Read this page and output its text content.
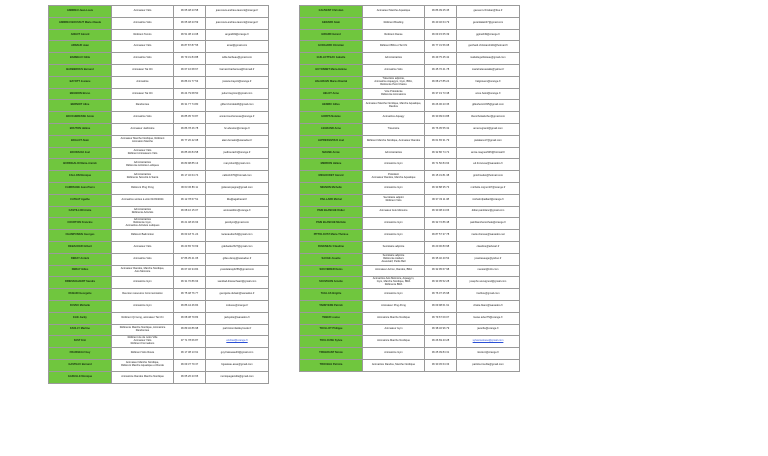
ANDRIEU Jean-Louis	Animateur Vélo	06 65 48 23 58	jean-louis.andrieu-laurent@orange.fr
ANDRIEU BOUSSUT Marie-Claude	Animatrice Vélo	06 65 48 23 59	jean-louis.andrieu-laurent@orange.fr
ANGOT Gérard	Référent Tennis	06 51 38 14 08	angotd49@orange.fr
ARNAUD Jean	Animateur Vélo	06 87 87 87 55	arnat@gmail.com
BARBEAU Odile	Animatrice Vélo	06 79 31 84 88	odile.barbeau@gmail.com
BARBEROUS Bernard	Animateur Tai Chi	06 67 16 68 67	barnard.barbarous@hotmail.fr
BAYOTT Josiane	Animatrice	06 86 01 77 53	josiane.bayott@orange.fr
BEGNION Bruno	Animateur Tai Chi	06 24 79 68 50	jeduc.begnion@gmail.com
BERNIOT Aline	Randonnée	06 31 77 74 80	gilbert.bordelet6@gmail.com
BOUCHERESSE Annie	Animatrice Vélo	06 85 05 70 87	annie.boucheresse@orange.fr
BOUTON Hélène	Animateur Jardinière	06 86 78 46 78	hc.abouton@orange.fr
BOALOT Alain	Animateur Marche Nordique, Référent
Animation Marche	06 77 20 42 08	alain.bonalot@wanadoo.fr
BOURACHI Joel	Animateur Vélo
Référent Animateurs Vélo	06 85 36 84 58	joelbourachi@orange.fr
BURDIGALIO Marie-Annick	Administratrice
Référente Activités Ludiques	06 83 98 85 13	marysburd@gmail.com
CALLON Monique	Administratrice
Référente Sécurité & Santé	06 17 32 64 74	callon1676@hotmail.com
CAMPAGNE Jean-Pierre	Référent Ping Pong	06 63 36 86 11	jpdecampagne@gmail.com
CATHAT Agathe	Animatrice sorties à vélo 01/03/2024	06 12 78 67 51	lilia@agathecat.fr
CASTILLON Annie	Administratrice
Référente Activités	06 08 16 15 07	annicastillon@orange.fr
COURTOIS Francine	Administratrice
Référente Gym,
Animatrice Activités Ludiques	06 21 48 26 93	jacobyot@gmail.com
CHAMPUNDAI Georges	Référent Badminton	06 63 18 71 24	lacanaudon64@gmail.com
DEBACKER Gilbert	Animateur Vélo	06 23 65 70 69	gdebacker527@gmail.com
DERAY Annick	Animatrice Vélo	07 86 35 41 05	gilles.deray@wanadoo.fr
DERAY Gilles	Animateur Randos, Marche Nordique,
Avis Mémoire	06 67 46 34 84	yvesdelaray0256@gmail.com
DRIESSCHAERT Sandra	Animatrice Gym	06 31 70 86 93	sandrad.driesschaert@gmail.com
DUBAIN Georgette	Reunion ressource Communication	06 75 48 76 77	georgette.dubain@wanadoo.fr
DUVEU Michelle	Animatrice Gym	06 86 44 46 84	mduveu@orange.fr
ELIE Jacky	Référent Qi Gong, animateur Tai Chi	06 08 38 79 83	jackyelie@wanadoo.fr
FAOLLY Martine	Référente Marche Nordique, Animatrice
Randonnée	06 89 32 86 98	partinicomfaolleyroude.fr
FAST Eric	Référent vie de notre Ville
Animateur Vélo
Référent Formations	07 71 78 66 87	ericfast@orange.fr
FRAISSEAU Guy	Référent Vélo Route	06 17 38 13 91	guy.fraisseau49@gmail.com
GASTEAU Bernard	Animateur Marche Nordique,
Référent Marche Aquatique et Ronde	06 09 37 79 37	bgasteau.asse@gmail.com
GAZEILLE Monique	Animatrice Randos Marche Nordique	06 65 26 23 65	moniquegazeille@gmail.com
GAUVENT Christian	Animateur Marche Aquatique	06 86 09 25 45	gauvent.christian@free.fr
GERARD Alain	Référent Bowling	06 40 46 64 79	gerardalain07@gmail.com
GIRARD Gérard	Référent Danse	06 09 15 65 39	ggirard49@orange.fr
GUICHARD Christian	Référent BRA et Tai Chi	06 77 31 56 08	guichard.christian2444@hotmail.fr
GUILLOTTEAU Isabelle	Administratrice	06 49 75 45 42	isabelleguillotteau@gmail.com
GUYONNET Marie-Hélène	Animatrice Vélo	06 45 76 41 78	mariehelenewalle@yahoo.fr
HALGRAVE Marie-Chantal	Trésorière adjointe,
Animatrice Aquagym, Gym, BRA,
Référente Petit Chatou	06 68 27 85 24	halgravem@orange.fr
HELOT Anne	Vice Présidente
Référente Animations	06 37 19 73 38	anne.helot@orange.fr
HENRIC Gilles	Animateur Marche Nordique, Marche Aquatique,
Randos	06 26 06 23 35	gilleshenric035@gmail.com
HORPS Nolanie	Animatrice Aquagy	06 30 99 04 88	thenicholasluther@gmail.com
LEGRAND Anne	Trésorière	06 76 05 55 32	anne.legrand@gmail.com
LEPRESSIVOUX Joel	Référent Marche Nordique, Animateur Randos	06 61 65 31 79	joelalane17@gmail.com
MAGNE Annie	Administratrice	06 32 86 74 72	annie.magne2345@hotmail.fr
MERDON Hélène	Animatrice Gym	06 71 50 84 93	ed.froncusw@wanadoo.fr
MICHOUDET Gérard	Président
Animateur Randos, Marche Aquatique	06 15 31 81 38	gmichoudet@hotmail.com
MIGNON Michelle	Animatrice Gym	06 33 88 35 73	michelle.mignon67@orange.fr
PAILLARD Michel	Secrétaire adjoint
Référent Vélo	06 37 33 11 38	michelmfpaillard@orange.fr
PAIN BLANCHE Didier	Animateur Avis Mémoire	06 30 08 24 06	didier.painblanc@gmail.com
PAIN BLANCHE Michèle	Animatrice Gym	06 32 72 86 48	painblanchemichele@orange.fr
PITTOLOUTZ Marie-Thérèse	Animatrice Gym	06 87 57 37 78	marie-therese@wanadoo.net
RAVENEAU Claudine	Secrétaire adjointe	06 20 00 83 98	claudine@arboart.fr
SAUGE Josette	Secrétaire adjointe
Référente Ateliers
Associatif, Petits Bell	06 35 40 40 53	josettesauge@yahoo.fr
SOUVERIER Denis	Animateur Aviron, Randos, BRA	06 32 95 67 98	neosier@info.com
SOUVIGON Arnette	Animatrice Avis Mémoire, Aquagym,
Gym, Marche Nordique, BRA
Référente BRA	06 33 05 52 28	jusepho.souvignoul@gmail.com
TAILLAS Brigitte	Animatrice Gym	06 76 07 25 98	trazbou@gmail.com
TANNYERE Patrick	Animateur Ping-Pong	06 09 98 61 91	chatte.blanc@wanadoo.fr
TEBER Louise	Animatrice Marche Nordique	06 79 67 09 07	louise.teber75@orange.fr
TOULLOT Philippe	Animateur Gym	06 38 32 96 79	jaourlle@orange.fr
TOULOUSE Sylvie	Animatrice Marche Nordique	06 26 69 43 28	sylvietoulouse@gmail.com
TRIGERANT Nicole	Animatrice Gym	06 25 09 84 31	nicole.tt@orange.fr
TROUBLE Patricia	Animatrice Randos, Marche Nordique	06 30 45 64 33	patricia.trouble@gmail.com
